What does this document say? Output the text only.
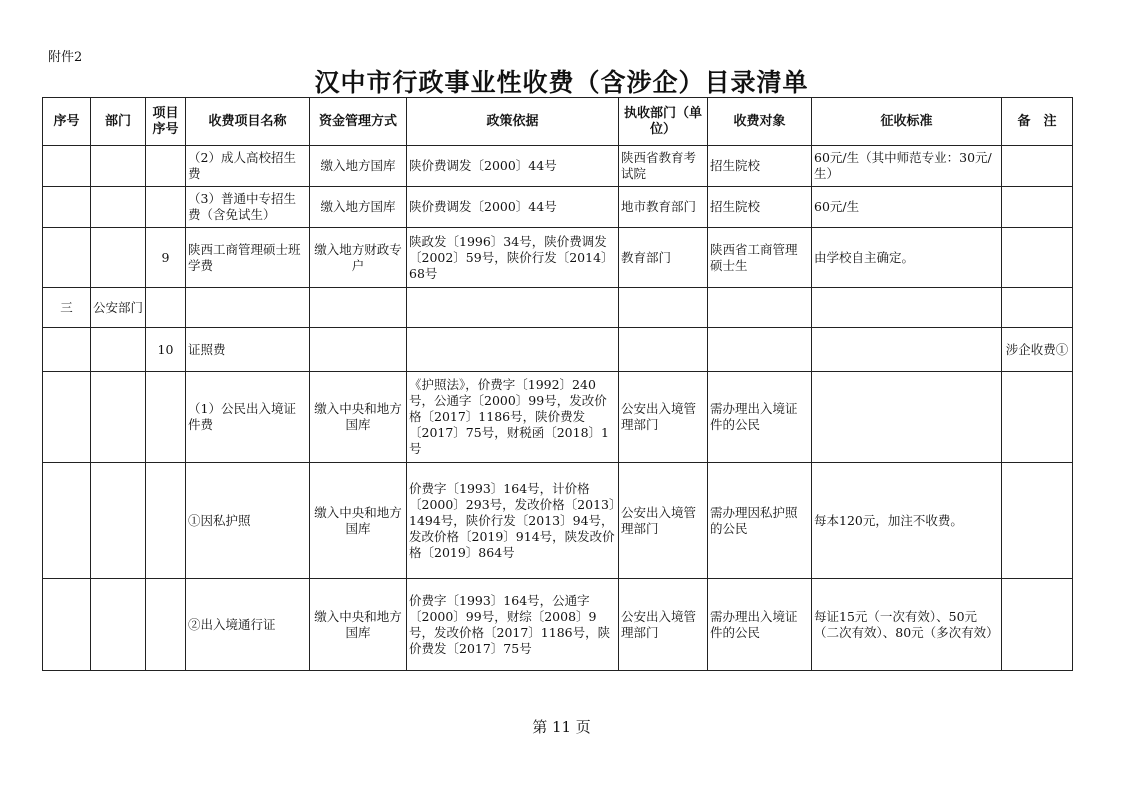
附件2
汉中市行政事业性收费（含涉企）目录清单
序号	部门	项目序号	收费项目名称	资金管理方式	政策依据	执收部门（单位）	收费对象	征收标准	备　注
			（2）成人高校招生费	缴入地方国库	陕价费调发〔2000〕44号	陕西省教育考试院	招生院校	60元/生（其中师范专业：30元/生）	
			（3）普通中专招生费（含免试生）	缴入地方国库	陕价费调发〔2000〕44号	地市教育部门	招生院校	60元/生	
		9	陕西工商管理硕士班学费	缴入地方财政专户	陕政发〔1996〕34号，陕价费调发〔2002〕59号，陕价行发〔2014〕68号	教育部门	陕西省工商管理硕士生	由学校自主确定。	
三	公安部门								
		10	证照费						涉企收费①
			（1）公民出入境证件费	缴入中央和地方国库	《护照法》，价费字〔1992〕240号，公通字〔2000〕99号，发改价格〔2017〕1186号，陕价费发〔2017〕75号，财税函〔2018〕1号	公安出入境管理部门	需办理出入境证件的公民		
			①因私护照	缴入中央和地方国库	价费字〔1993〕164号，计价格〔2000〕293号，发改价格〔2013〕1494号，陕价行发〔2013〕94号，发改价格〔2019〕914号，陕发改价格〔2019〕864号	公安出入境管理部门	需办理因私护照的公民	每本120元，加注不收费。	
			②出入境通行证	缴入中央和地方国库	价费字〔1993〕164号，公通字〔2000〕99号，财综〔2008〕9号，发改价格〔2017〕1186号，陕价费发〔2017〕75号	公安出入境管理部门	需办理出入境证件的公民	每证15元（一次有效）、50元（二次有效）、80元（多次有效）	
第 11 页
